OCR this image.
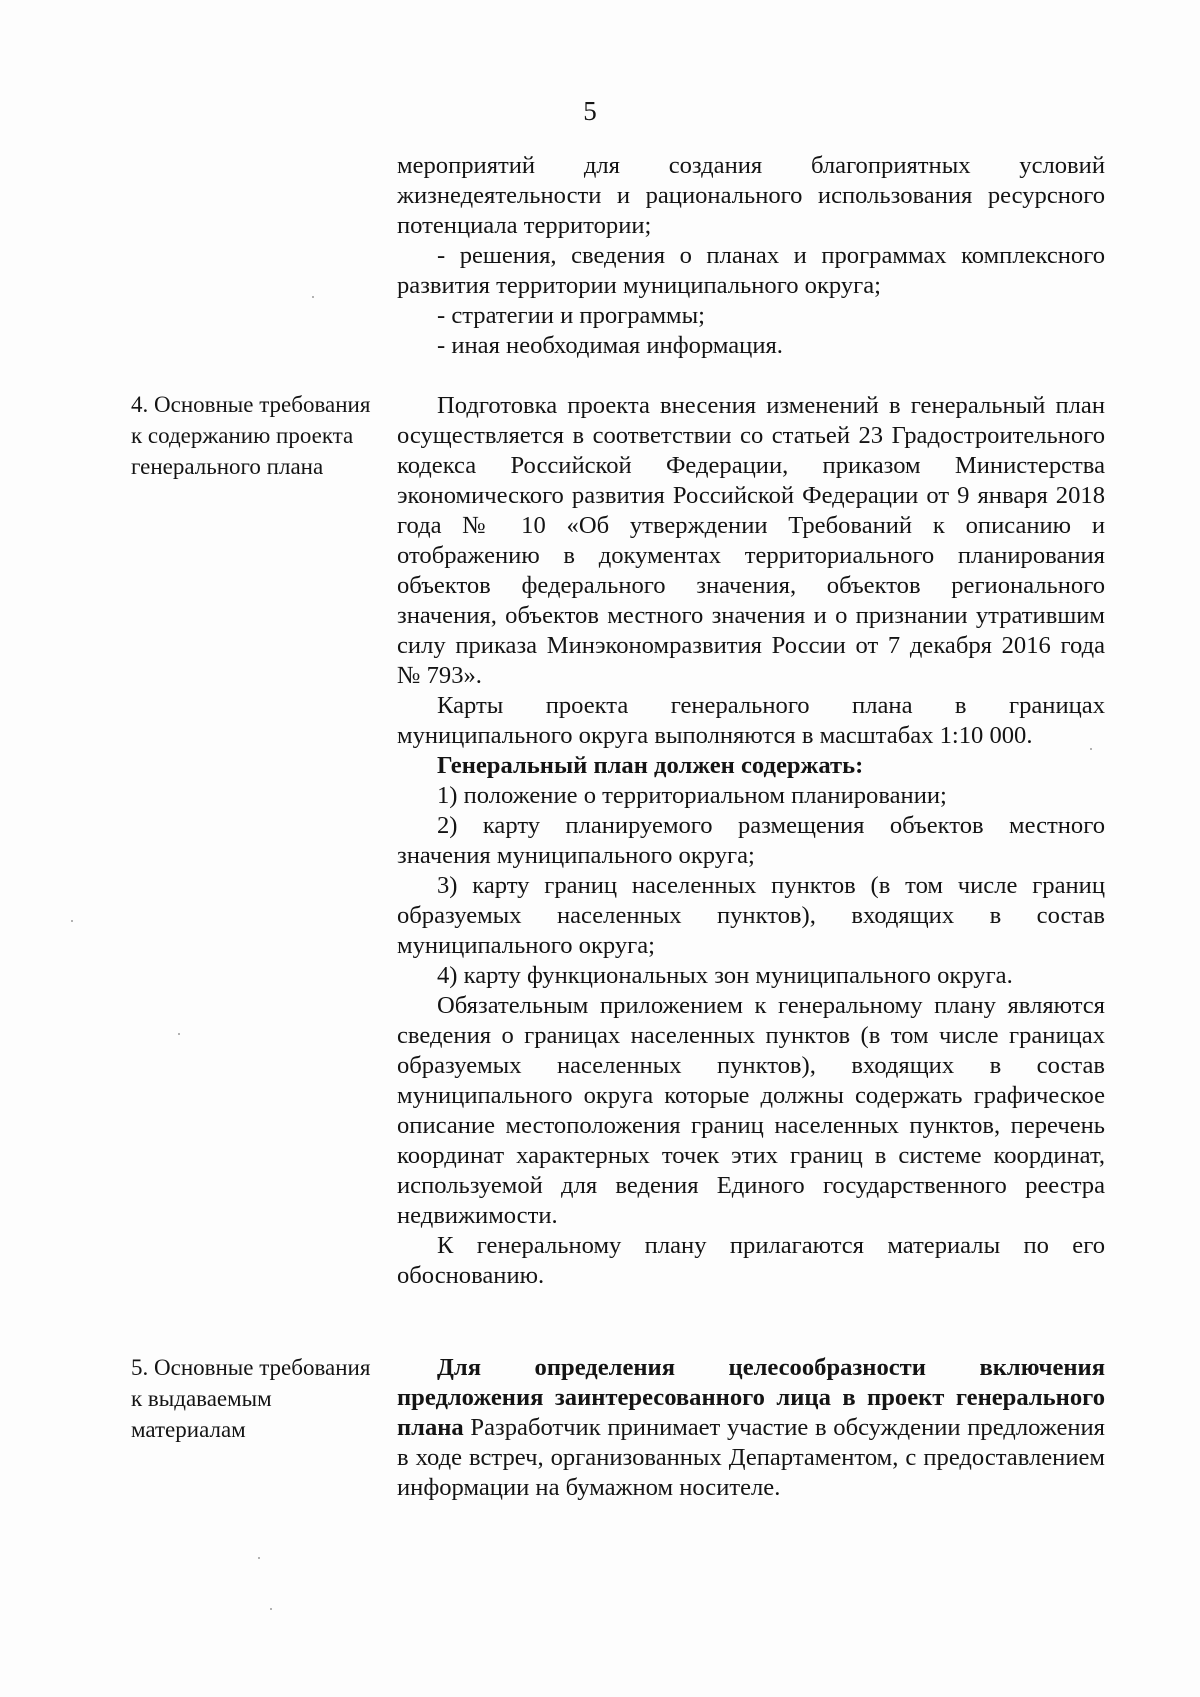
5

мероприятий для создания благоприятных условий жизнедеятельности и рационального использования ресурсного потенциала территории;

- решения, сведения о планах и программах комплексного развития территории муниципального округа;

- стратегии и программы;

- иная необходимая информация.

4. Основные требования к содержанию проекта генерального плана

Подготовка проекта внесения изменений в генеральный план осуществляется в соответствии со статьей 23 Градостроительного кодекса Российской Федерации, приказом Министерства экономического развития Российской Федерации от 9 января 2018 года № 10 «Об утверждении Требований к описанию и отображению в документах территориального планирования объектов федерального значения, объектов регионального значения, объектов местного значения и о признании утратившим силу приказа Минэкономразвития России от 7 декабря 2016 года № 793».

Карты проекта генерального плана в границах муниципального округа выполняются в масштабах 1:10 000.

Генеральный план должен содержать:

1) положение о территориальном планировании;

2) карту планируемого размещения объектов местного значения муниципального округа;

3) карту границ населенных пунктов (в том числе границ образуемых населенных пунктов), входящих в состав муниципального округа;

4) карту функциональных зон муниципального округа.

Обязательным приложением к генеральному плану являются сведения о границах населенных пунктов (в том числе границах образуемых населенных пунктов), входящих в состав муниципального округа которые должны содержать графическое описание местоположения границ населенных пунктов, перечень координат характерных точек этих границ в системе координат, используемой для ведения Единого государственного реестра недвижимости.

К генеральному плану прилагаются материалы по его обоснованию.

5. Основные требования к выдаваемым материалам

Для определения целесообразности включения предложения заинтересованного лица в проект генерального плана Разработчик принимает участие в обсуждении предложения в ходе встреч, организованных Департаментом, с предоставлением информации на бумажном носителе.
